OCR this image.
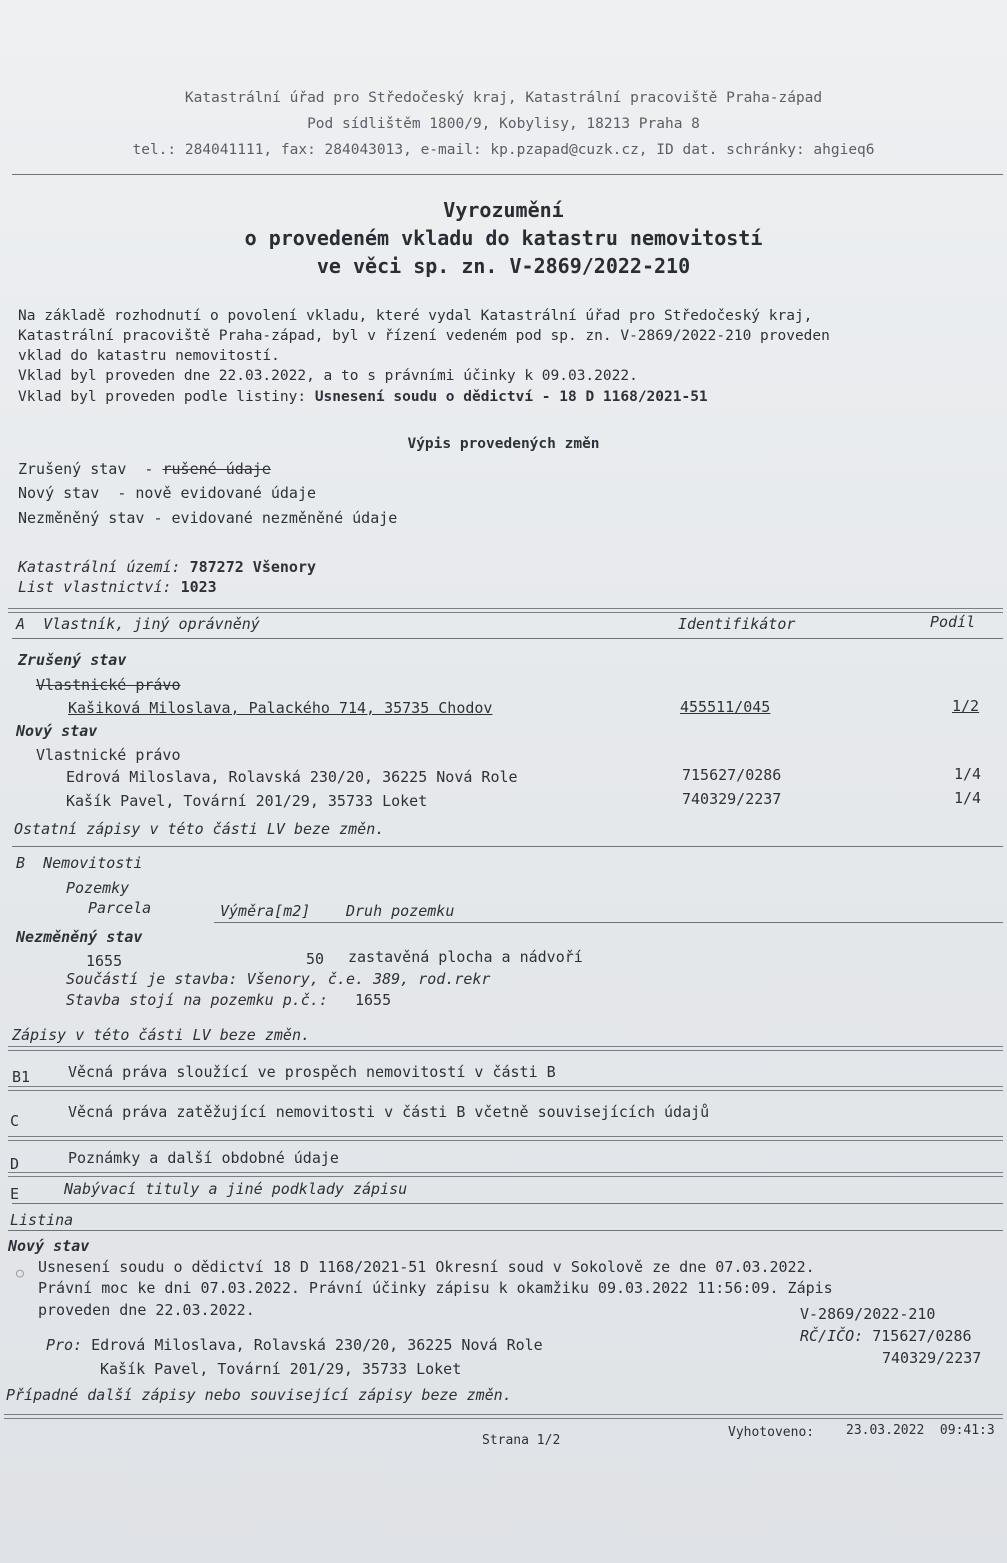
Katastrální úřad pro Středočeský kraj, Katastrální pracoviště Praha-západ
Pod sídlištěm 1800/9, Kobylisy, 18213 Praha 8
tel.: 284041111, fax: 284043013, e-mail: kp.pzapad@cuzk.cz, ID dat. schránky: ahgieq6
Vyrozumění
o provedeném vkladu do katastru nemovitostí
ve věci sp. zn. V-2869/2022-210
Na základě rozhodnutí o povolení vkladu, které vydal Katastrální úřad pro Středočeský kraj,
Katastrální pracoviště Praha-západ, byl v řízení vedeném pod sp. zn. V-2869/2022-210 proveden
vklad do katastru nemovitostí.
Vklad byl proveden dne 22.03.2022, a to s právními účinky k 09.03.2022.
Vklad byl proveden podle listiny: Usnesení soudu o dědictví - 18 D 1168/2021-51
Výpis provedených změn
Zrušený stav  - rušené údaje
Nový stav  - nově evidované údaje
Nezměněný stav - evidované nezměněné údaje
Katastrální území: 787272 Všenory
List vlastnictví: 1023
A  Vlastník, jiný oprávněný	Identifikátor	Podíl
Zrušený stav
Vlastnické právo
Kašiková Miloslava, Palackého 714, 35735 Chodov	455511/045	1/2
Nový stav
Vlastnické právo
Edrová Miloslava, Rolavská 230/20, 36225 Nová Role	715627/0286	1/4
Kašík Pavel, Tovární 201/29, 35733 Loket	740329/2237	1/4
Ostatní zápisy v této části LV beze změn.
B  Nemovitosti
Pozemky
Parcela	Výměra[m2] Druh pozemku
Nezměněný stav
1655	50 zastavěná plocha a nádvoří
Součástí je stavba: Všenory, č.e. 389, rod.rekr
Stavba stojí na pozemku p.č.: 1655
Zápisy v této části LV beze změn.
B1	Věcná práva sloužící ve prospěch nemovitostí v části B
C	Věcná práva zatěžující nemovitosti v části B včetně souvisejících údajů
D	Poznámky a další obdobné údaje
E	Nabývací tituly a jiné podklady zápisu
Listina
Nový stav
○ Usnesení soudu o dědictví 18 D 1168/2021-51 Okresní soud v Sokolově ze dne 07.03.2022.
Právní moc ke dni 07.03.2022. Právní účinky zápisu k okamžiku 09.03.2022 11:56:09. Zápis
proveden dne 22.03.2022.	V-2869/2022-210
RČ/IČO: 715627/0286
740329/2237
Pro: Edrová Miloslava, Rolavská 230/20, 36225 Nová Role
Kašík Pavel, Tovární 201/29, 35733 Loket
Případné další zápisy nebo související zápisy beze změn.
Strana 1/2
Vyhotoveno: 23.03.2022  09:41:3
